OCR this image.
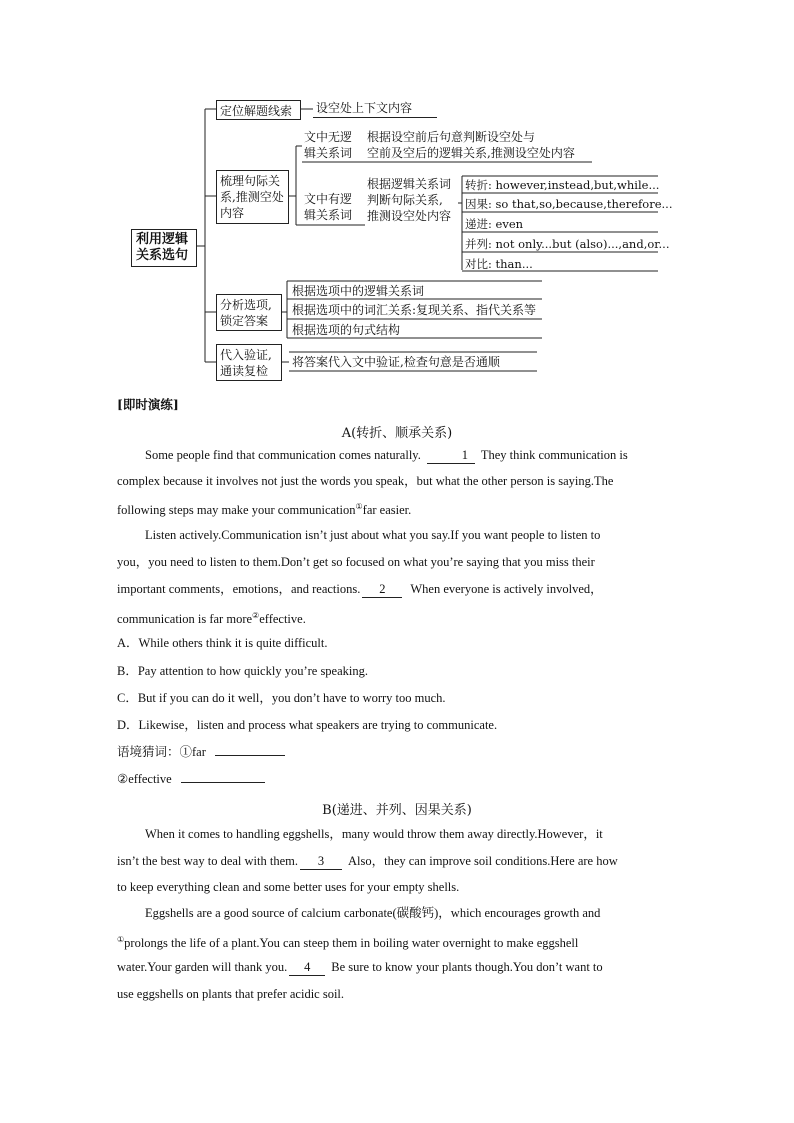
利用逻辑
关系选句
定位解题线索	设空处上下文内容
梳理句际关
系,推测空处
内容
文中无逻
辑关系词
根据设空前后句意判断设空处与
空前及空后的逻辑关系,推测设空处内容
文中有逻
辑关系词
根据逻辑关系词
判断句际关系,
推测设空处内容
转折: however,instead,but,while...
因果: so that,so,because,therefore...
递进: even
并列: not only...but (also)...,and,or...
对比: than...
分析选项,
锁定答案
根据选项中的逻辑关系词
根据选项中的词汇关系:复现关系、指代关系等
根据选项的句式结构
代入验证,
通读复检
将答案代入文中验证,检查句意是否通顺
[即时演练]
A(转折、顺承关系)
Some people find that communication comes naturally.	1 They think communication is
complex because it involves not just the words you speak，but what the other person is saying.The
following steps may make your communication①far easier.
Listen actively.Communication isn’t just about what you say.If you want people to listen to
you，you need to listen to them.Don’t get so focused on what you’re saying that you miss their
important comments，emotions，and reactions. 2 When everyone is actively involved，
communication is far more②effective.
A．While others think it is quite difficult.
B．Pay attention to how quickly you’re speaking.
C．But if you can do it well，you don’t have to worry too much.
D．Likewise，listen and process what speakers are trying to communicate.
语境猜词：①far
②effective
B(递进、并列、因果关系)
When it comes to handling eggshells，many would throw them away directly.However，it
isn’t the best way to deal with them. 3 Also，they can improve soil conditions.Here are how
to keep everything clean and some better uses for your empty shells.
Eggshells are a good source of calcium carbonate(碳酸钙)，which encourages growth and
①prolongs the life of a plant.You can steep them in boiling water overnight to make eggshell
water.Your garden will thank you. 4 Be sure to know your plants though.You don’t want to
use eggshells on plants that prefer acidic soil.
